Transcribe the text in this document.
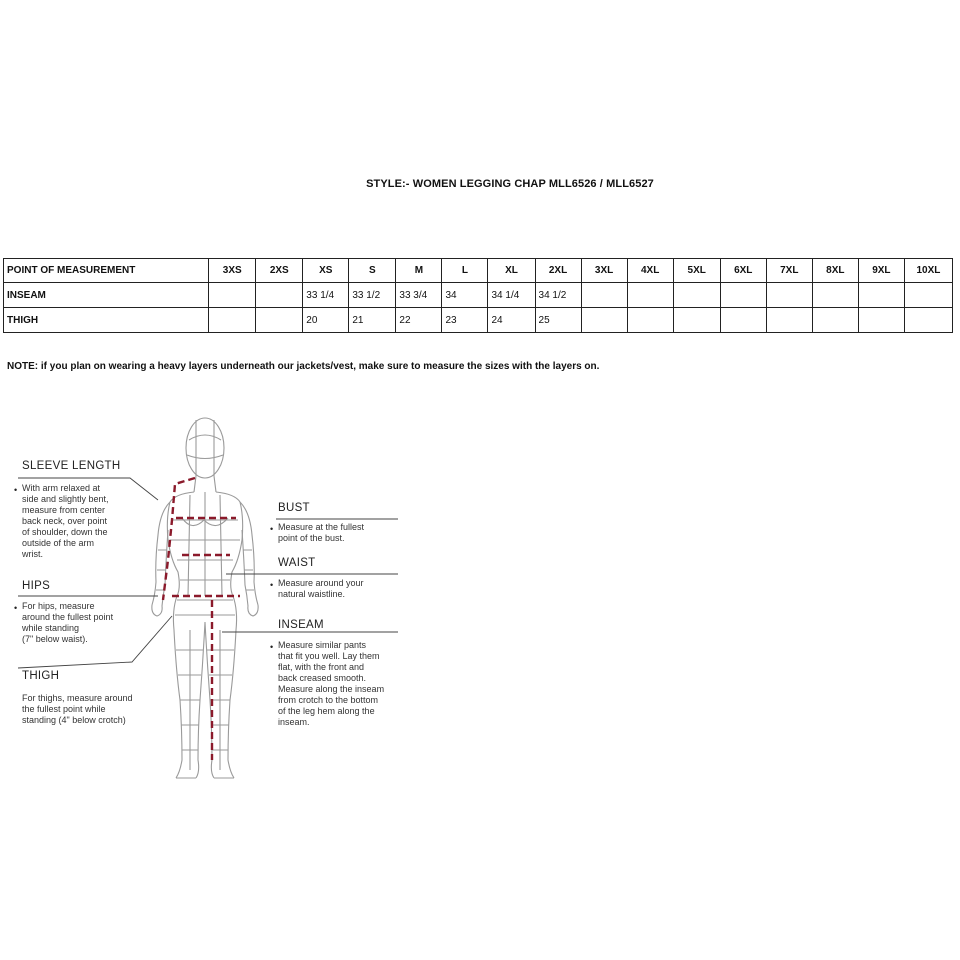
STYLE:- WOMEN LEGGING CHAP MLL6526 / MLL6527
POINT OF MEASUREMENT	3XS	2XS	XS	S	M	L	XL	2XL	3XL	4XL	5XL	6XL	7XL	8XL	9XL	10XL
INSEAM			33 1/4	33 1/2	33 3/4	34	34 1/4	34 1/2								
THIGH			20	21	22	23	24	25								
NOTE: if you plan on wearing a heavy layers underneath our jackets/vest, make sure to measure the sizes with the layers on.
SLEEVE LENGTH
• With arm relaxed at
side and slightly bent,
measure from center
back neck, over point
of shoulder, down the
outside of the arm
wrist.
HIPS
• For hips, measure
around the fullest point
while standing
(7" below waist).
THIGH
For thighs, measure around
the fullest point while
standing (4" below crotch)
BUST
• Measure at the fullest
point of the bust.
WAIST
• Measure around your
natural waistline.
INSEAM
• Measure similar pants
that fit you well. Lay them
flat, with the front and
back creased smooth.
Measure along the inseam
from crotch to the bottom
of the leg hem along the
inseam.
